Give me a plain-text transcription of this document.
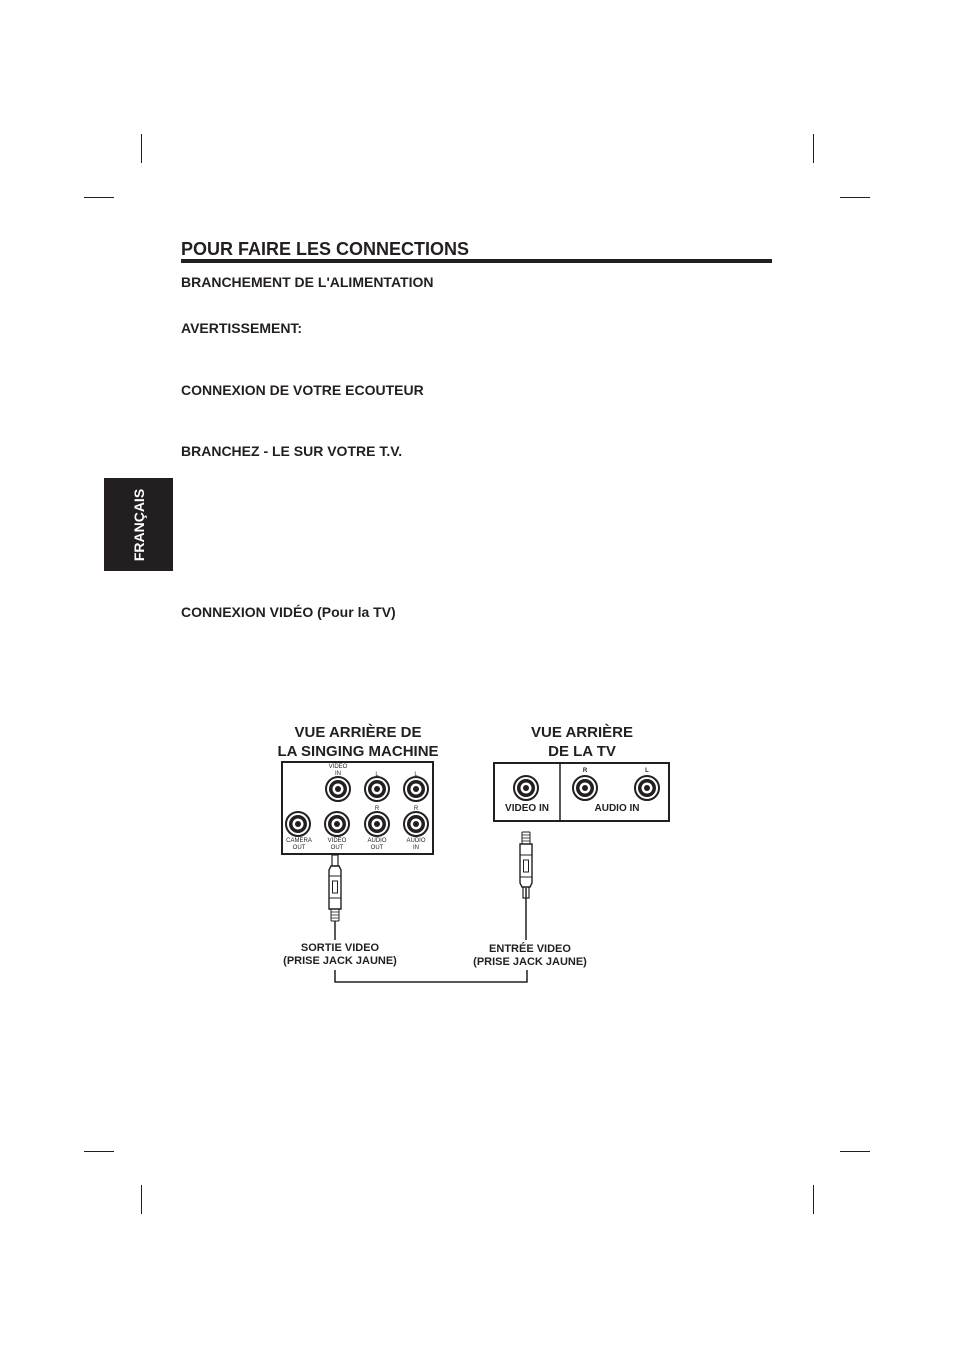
POUR FAIRE LES CONNECTIONS
BRANCHEMENT DE L'ALIMENTATION
AVERTISSEMENT:
CONNEXION DE VOTRE ECOUTEUR
BRANCHEZ - LE SUR VOTRE T.V.
CONNEXION VIDÉO (Pour la TV)
FRANÇAIS
VUE ARRIÈRE DE
LA SINGING MACHINE
VUE ARRIÈRE
DE LA TV
VIDEO
IN	L	L
R	R
CAMERA
OUT
VIDEO
OUT
AUDIO
OUT
AUDIO
IN
R	L
VIDEO IN	AUDIO IN
SORTIE VIDEO
(PRISE JACK JAUNE)
ENTRÉE VIDEO
(PRISE JACK JAUNE)
